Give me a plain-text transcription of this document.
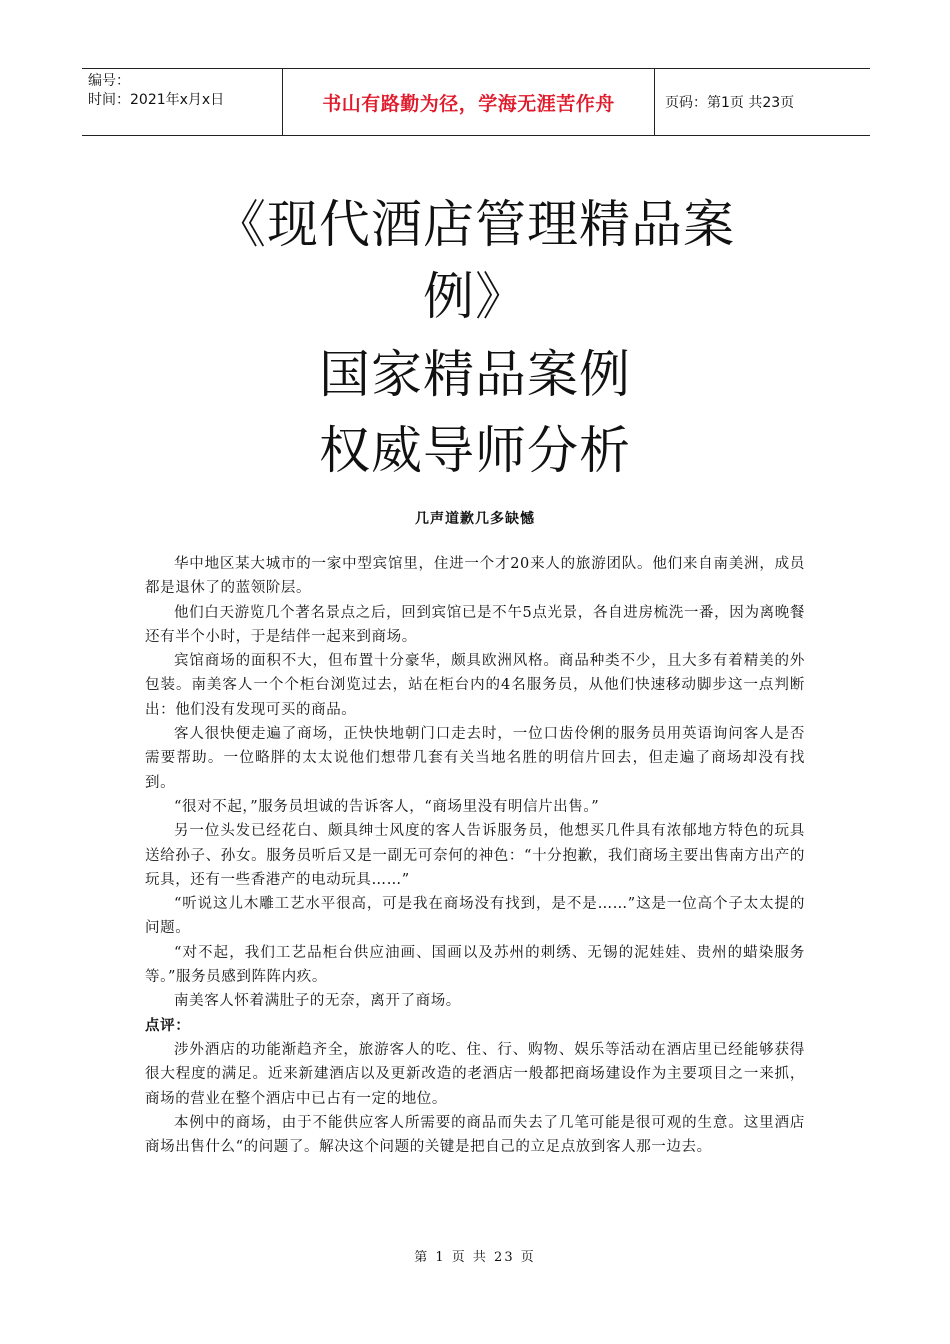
编号：
时间：2021年x月x日	书山有路勤为径，学海无涯苦作舟	页码：第1页 共23页
《现代酒店管理精品案
例》
国家精品案例
权威导师分析
几声道歉几多缺憾

华中地区某大城市的一家中型宾馆里，住进一个才20来人的旅游团队。他们来自南美洲，成员都是退休了的蓝领阶层。

他们白天游览几个著名景点之后，回到宾馆已是不午5点光景，各自进房梳洗一番，因为离晚餐还有半个小时，于是结伴一起来到商场。

宾馆商场的面积不大，但布置十分豪华，颇具欧洲风格。商品种类不少，且大多有着精美的外包装。南美客人一个个柜台浏览过去，站在柜台内的4名服务员，从他们快速移动脚步这一点判断出：他们没有发现可买的商品。

客人很快便走遍了商场，正快快地朝门口走去时，一位口齿伶俐的服务员用英语询问客人是否需要帮助。一位略胖的太太说他们想带几套有关当地名胜的明信片回去，但走遍了商场却没有找到。

“很对不起，”服务员坦诚的告诉客人，“商场里没有明信片出售。”

另一位头发已经花白、颇具绅士风度的客人告诉服务员，他想买几件具有浓郁地方特色的玩具送给孙子、孙女。服务员听后又是一副无可奈何的神色：“十分抱歉，我们商场主要出售南方出产的玩具，还有一些香港产的电动玩具……”

“听说这儿木雕工艺水平很高，可是我在商场没有找到，是不是……”这是一位高个子太太提的问题。

“对不起，我们工艺品柜台供应油画、国画以及苏州的刺绣、无锡的泥娃娃、贵州的蜡染服务等。”服务员感到阵阵内疚。

南美客人怀着满肚子的无奈，离开了商场。

点评：

涉外酒店的功能渐趋齐全，旅游客人的吃、住、行、购物、娱乐等活动在酒店里已经能够获得很大程度的满足。近来新建酒店以及更新改造的老酒店一般都把商场建设作为主要项目之一来抓，商场的营业在整个酒店中已占有一定的地位。

本例中的商场，由于不能供应客人所需要的商品而失去了几笔可能是很可观的生意。这里酒店商场出售什么“的问题了。解决这个问题的关键是把自己的立足点放到客人那一边去。

第 1 页 共 23 页
